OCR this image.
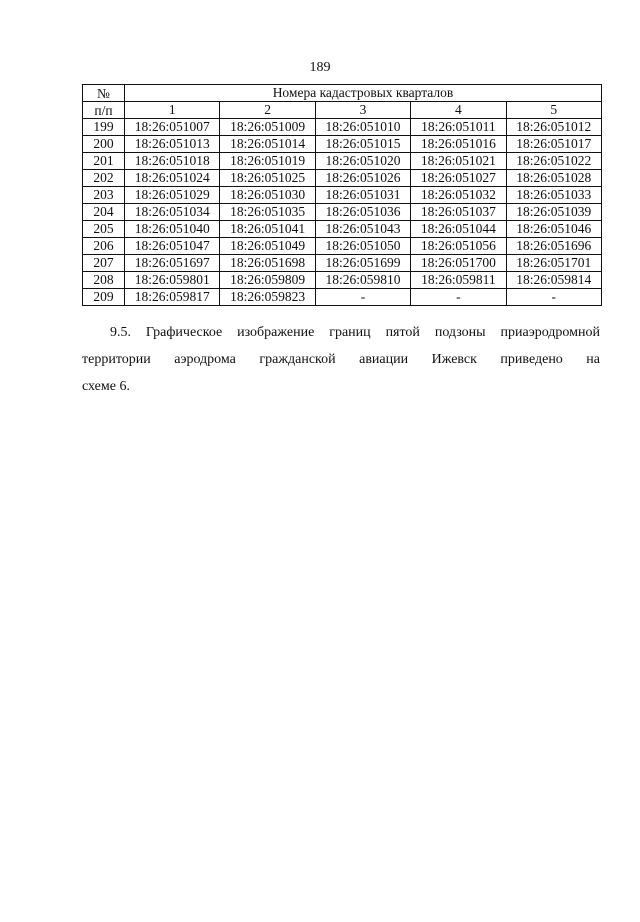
189
№	Номера кадастровых кварталов				
п/п	1	2	3	4	5
199	18:26:051007	18:26:051009	18:26:051010	18:26:051011	18:26:051012
200	18:26:051013	18:26:051014	18:26:051015	18:26:051016	18:26:051017
201	18:26:051018	18:26:051019	18:26:051020	18:26:051021	18:26:051022
202	18:26:051024	18:26:051025	18:26:051026	18:26:051027	18:26:051028
203	18:26:051029	18:26:051030	18:26:051031	18:26:051032	18:26:051033
204	18:26:051034	18:26:051035	18:26:051036	18:26:051037	18:26:051039
205	18:26:051040	18:26:051041	18:26:051043	18:26:051044	18:26:051046
206	18:26:051047	18:26:051049	18:26:051050	18:26:051056	18:26:051696
207	18:26:051697	18:26:051698	18:26:051699	18:26:051700	18:26:051701
208	18:26:059801	18:26:059809	18:26:059810	18:26:059811	18:26:059814
209	18:26:059817	18:26:059823	-	-	-
9.5. Графическое изображение границ пятой подзоны приаэродромной
территории аэродрома гражданской авиации Ижевск приведено на
схеме 6.
